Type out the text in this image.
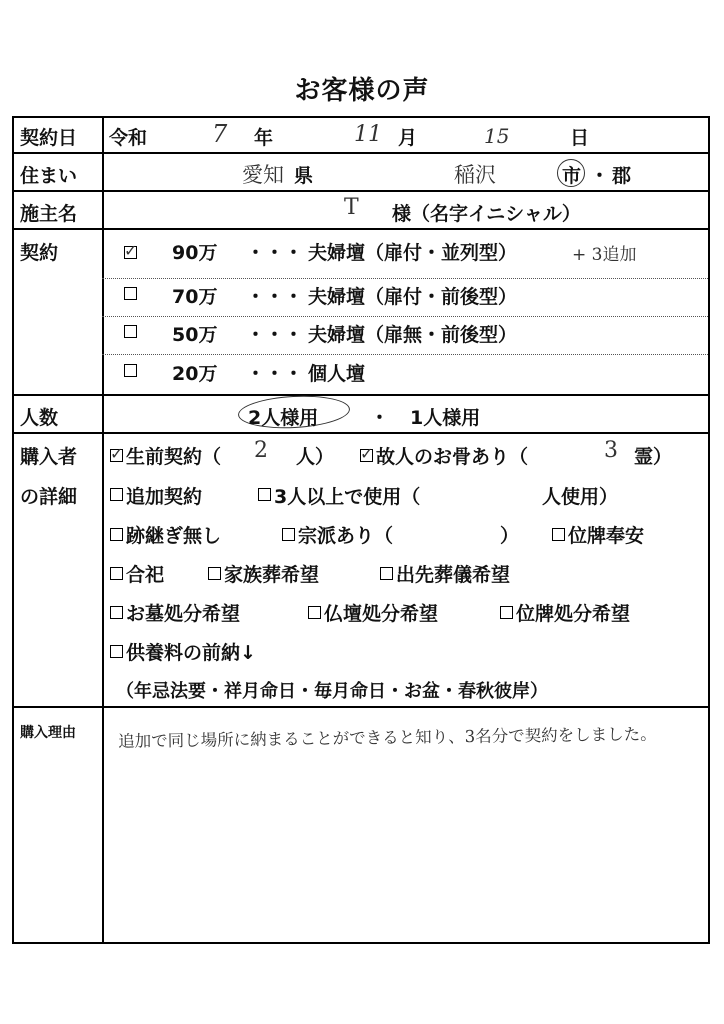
お客様の声
契約日 令和	7 年	11 月	15	日
住まい	愛知 県	稲沢	市 ・ 郡
施主名	T 様（名字イニシャル）
契約	✓ 90万 ・・・ 夫婦壇（扉付・並列型）	+ 3追加
70万 ・・・ 夫婦壇（扉付・前後型）
50万 ・・・ 夫婦壇（扉無・前後型）
20万 ・・・ 個人壇
人数	2人様用	・ 1人様用
購入者
の詳細
✓ 生前契約（ 2 人） ✓ 故人のお骨あり（	3 霊）
追加契約	3人以上で使用（	人使用）
跡継ぎ無し	宗派あり（	）	位牌奉安
合祀	家族葬希望	出先葬儀希望
お墓処分希望	仏壇処分希望	位牌処分希望
供養料の前納↓
（年忌法要・祥月命日・毎月命日・お盆・春秋彼岸）
購入理由	追加で同じ場所に納まることができると知り、3名分で契約をしました。
